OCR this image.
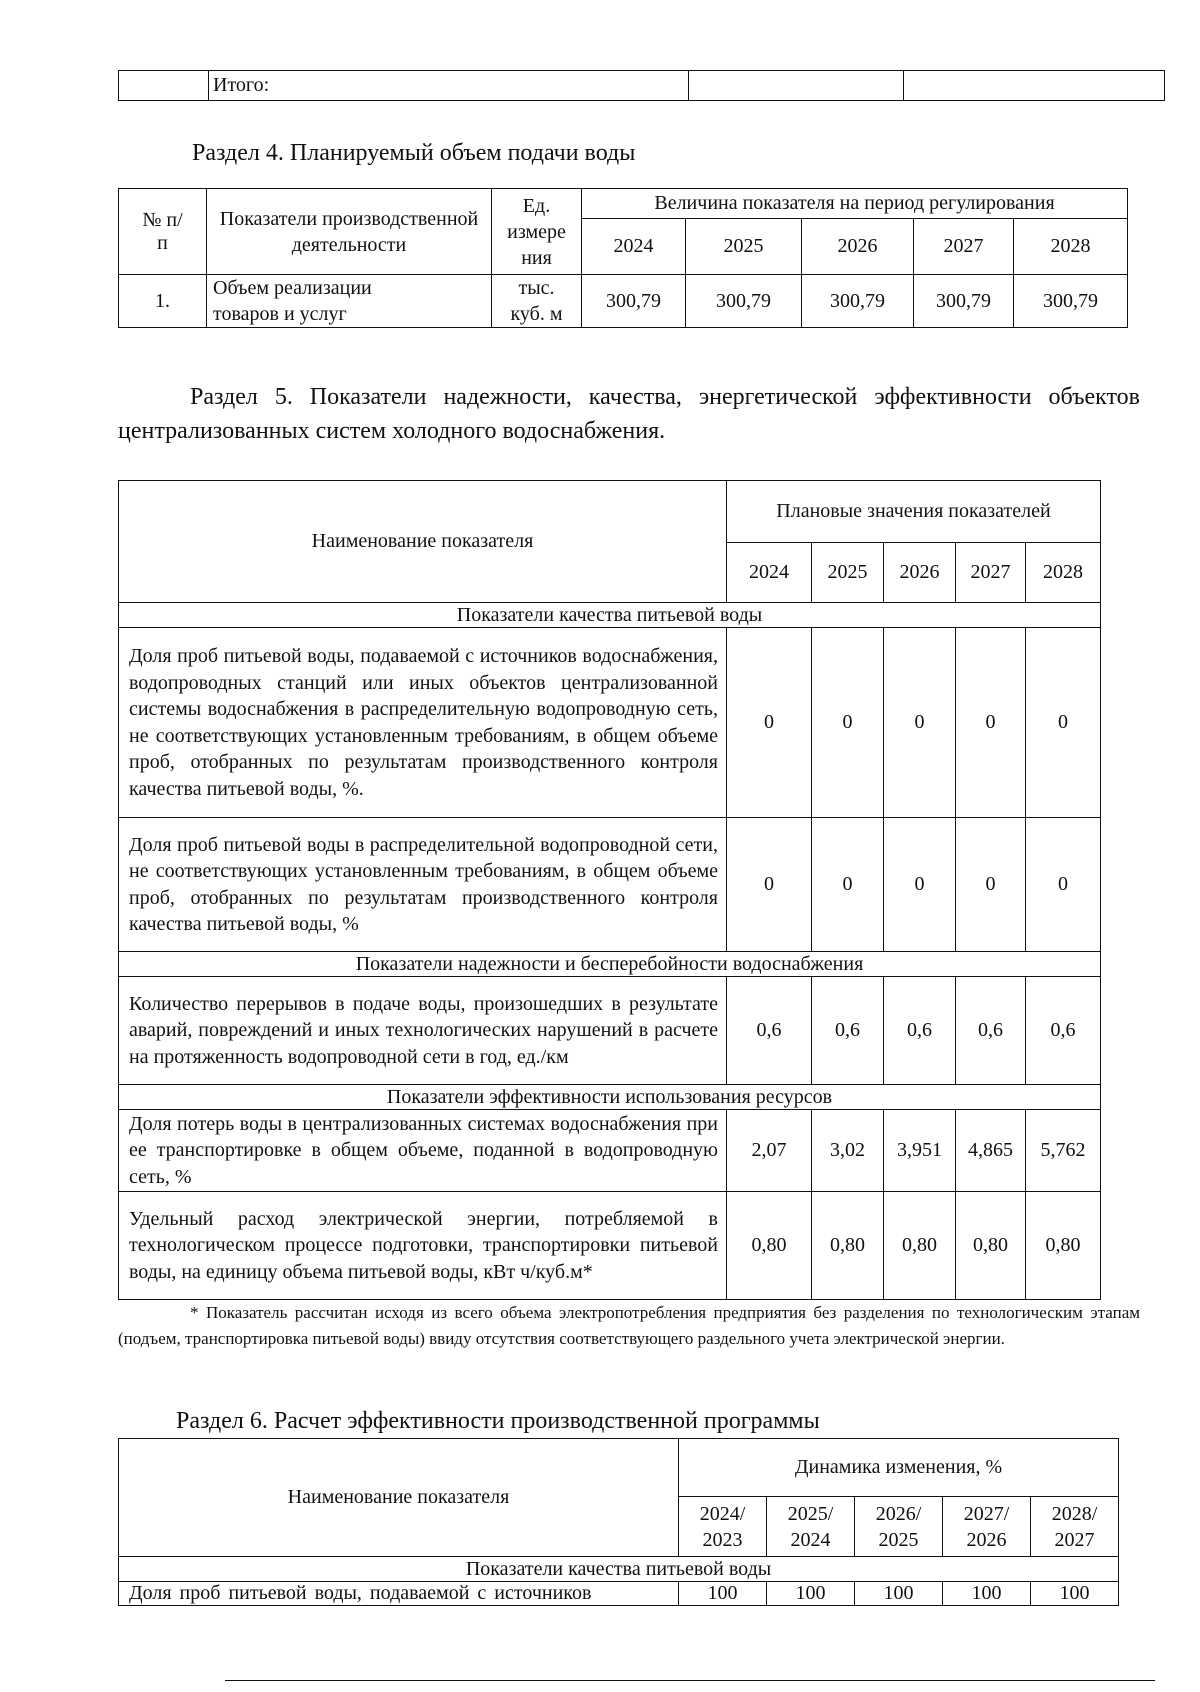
	Итого:		
Раздел 4. Планируемый объем подачи воды
№ п/п	Показатели производственной деятельности	Ед. измере ния	Величина показателя на период регулирования				
			2024	2025	2026	2027	2028
1.	Объем реализации товаров и услуг	тыс. куб. м	300,79	300,79	300,79	300,79	300,79
Раздел 5. Показатели надежности, качества, энергетической эффективности объектов централизованных систем холодного водоснабжения.
Наименование показателя	Плановые значения показателей				
	2024	2025	2026	2027	2028
Показатели качества питьевой воды					
Доля проб питьевой воды, подаваемой с источников водоснабжения, водопроводных станций или иных объектов централизованной системы водоснабжения в распределительную водопроводную сеть, не соответствующих установленным требованиям, в общем объеме проб, отобранных по результатам производственного контроля качества питьевой воды, %.	0	0	0	0	0
Доля проб питьевой воды в распределительной водопроводной сети, не соответствующих установленным требованиям, в общем объеме проб, отобранных по результатам производственного контроля качества питьевой воды, %	0	0	0	0	0
Показатели надежности и бесперебойности водоснабжения					
Количество перерывов в подаче воды, произошедших в результате аварий, повреждений и иных технологических нарушений в расчете на протяженность водопроводной сети в год, ед./км	0,6	0,6	0,6	0,6	0,6
Показатели эффективности использования ресурсов					
Доля потерь воды в централизованных системах водоснабжения при ее транспортировке в общем объеме, поданной в водопроводную сеть, %	2,07	3,02	3,951	4,865	5,762
Удельный расход электрической энергии, потребляемой в технологическом процессе подготовки, транспортировки питьевой воды, на единицу объема питьевой воды, кВт ч/куб.м*	0,80	0,80	0,80	0,80	0,80
* Показатель рассчитан исходя из всего объема электропотребления предприятия без разделения по технологическим этапам (подъем, транспортировка питьевой воды) ввиду отсутствия соответствующего раздельного учета электрической энергии.
Раздел 6. Расчет эффективности производственной программы
Наименование показателя	Динамика изменения, %				
	2024/ 2023	2025/ 2024	2026/ 2025	2027/ 2026	2028/ 2027
Показатели качества питьевой воды					
Доля проб питьевой воды, подаваемой с источников	100	100	100	100	100
